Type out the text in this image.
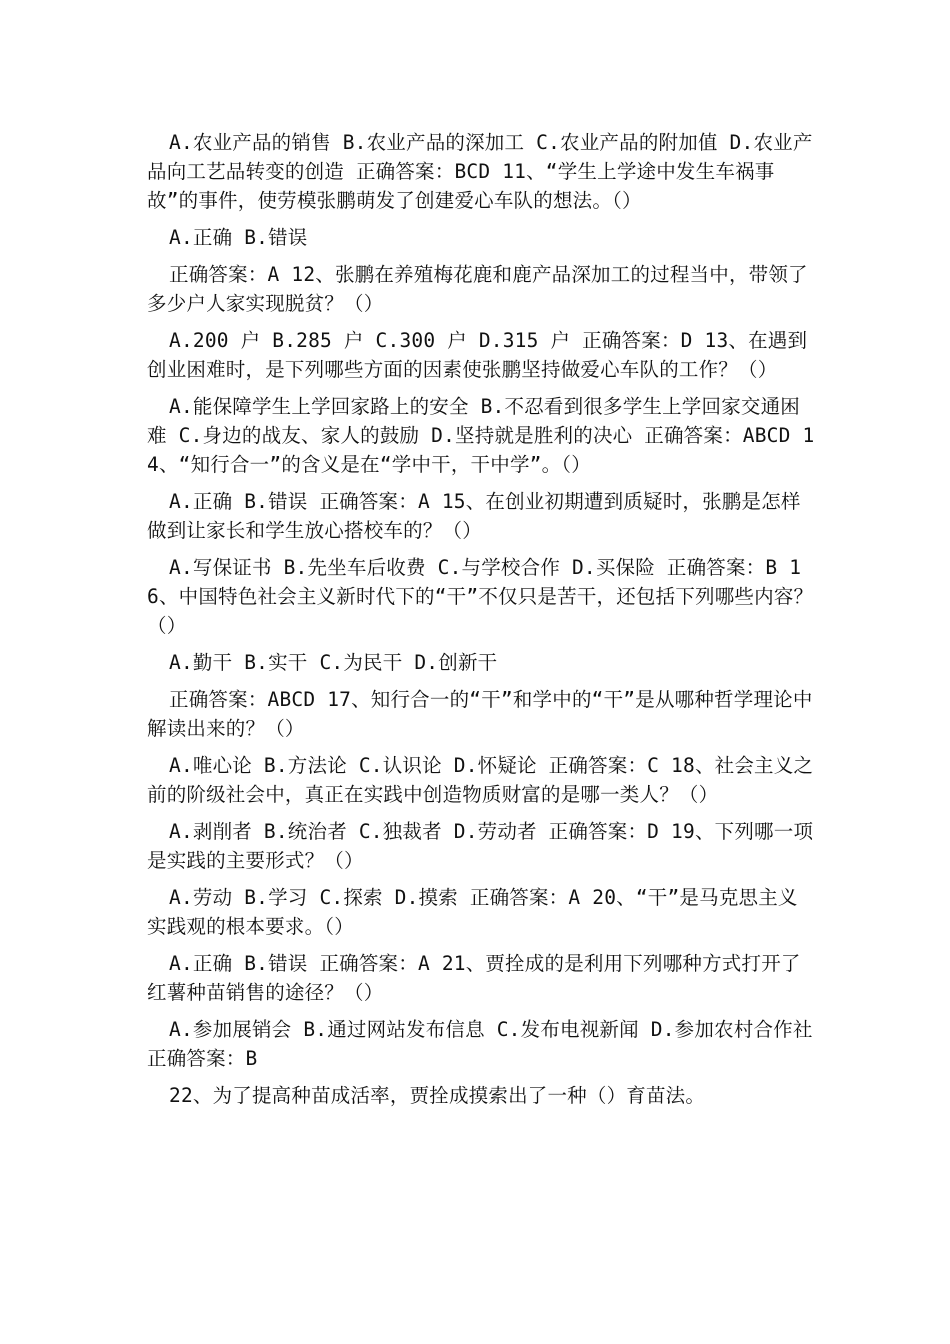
A.农业产品的销售 B.农业产品的深加工 C.农业产品的附加值 D.农业产品向工艺品转变的创造 正确答案：BCD 11、“学生上学途中发生车祸事故”的事件，使劳模张鹏萌发了创建爱心车队的想法。（）

A.正确 B.错误

正确答案：A 12、张鹏在养殖梅花鹿和鹿产品深加工的过程当中，带领了多少户人家实现脱贫？（）

A.200 户 B.285 户 C.300 户 D.315 户 正确答案：D 13、在遇到创业困难时，是下列哪些方面的因素使张鹏坚持做爱心车队的工作？（）

A.能保障学生上学回家路上的安全 B.不忍看到很多学生上学回家交通困难 C.身边的战友、家人的鼓励 D.坚持就是胜利的决心 正确答案：ABCD 14、“知行合一”的含义是在“学中干，干中学”。（）

A.正确 B.错误 正确答案：A 15、在创业初期遭到质疑时，张鹏是怎样做到让家长和学生放心搭校车的？（）

A.写保证书 B.先坐车后收费 C.与学校合作 D.买保险 正确答案：B 16、中国特色社会主义新时代下的“干”不仅只是苦干，还包括下列哪些内容？（）

A.勤干 B.实干 C.为民干 D.创新干

正确答案：ABCD 17、知行合一的“干”和学中的“干”是从哪种哲学理论中解读出来的？（）

A.唯心论 B.方法论 C.认识论 D.怀疑论 正确答案：C 18、社会主义之前的阶级社会中，真正在实践中创造物质财富的是哪一类人？（）

A.剥削者 B.统治者 C.独裁者 D.劳动者 正确答案：D 19、下列哪一项是实践的主要形式？（）

A.劳动 B.学习 C.探索 D.摸索 正确答案：A 20、“干”是马克思主义实践观的根本要求。（）

A.正确 B.错误 正确答案：A 21、贾拴成的是利用下列哪种方式打开了红薯种苗销售的途径？（）

A.参加展销会 B.通过网站发布信息 C.发布电视新闻 D.参加农村合作社 正确答案：B

22、为了提高种苗成活率，贾拴成摸索出了一种（）育苗法。
